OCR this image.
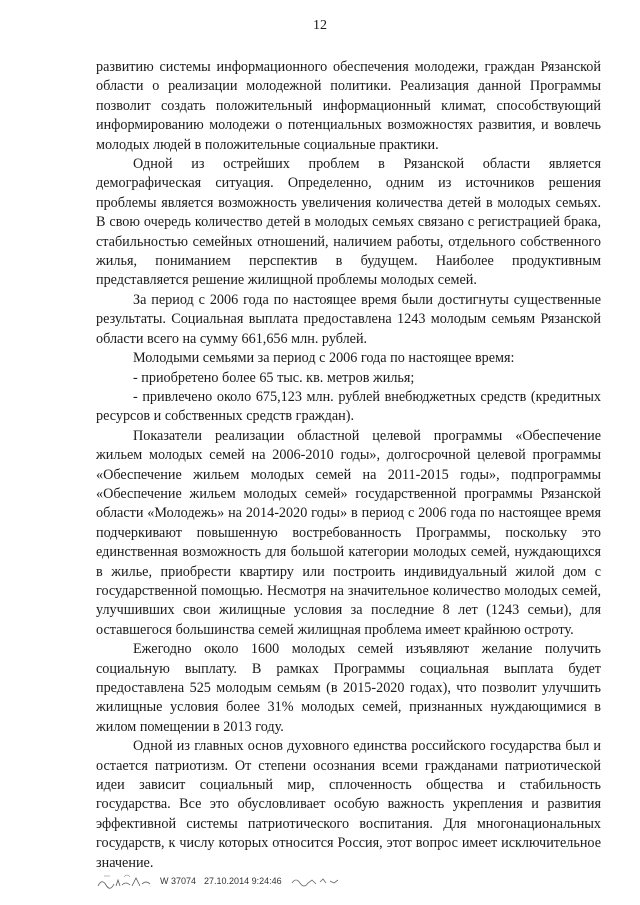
12

развитию системы информационного обеспечения молодежи, граждан Рязанской области о реализации молодежной политики. Реализация данной Программы позволит создать положительный информационный климат, способствующий информированию молодежи о потенциальных возможностях развития, и вовлечь молодых людей в положительные социальные практики.

Одной из острейших проблем в Рязанской области является демографическая ситуация. Определенно, одним из источников решения проблемы является возможность увеличения количества детей в молодых семьях. В свою очередь количество детей в молодых семьях связано с регистрацией брака, стабильностью семейных отношений, наличием работы, отдельного собственного жилья, пониманием перспектив в будущем. Наиболее продуктивным представляется решение жилищной проблемы молодых семей.

За период с 2006 года по настоящее время были достигнуты существенные результаты. Социальная выплата предоставлена 1243 молодым семьям Рязанской области всего на сумму 661,656 млн. рублей.

Молодыми семьями за период с 2006 года по настоящее время:

- приобретено более 65 тыс. кв. метров жилья;

- привлечено около 675,123 млн. рублей внебюджетных средств (кредитных ресурсов и собственных средств граждан).

Показатели реализации областной целевой программы «Обеспечение жильем молодых семей на 2006-2010 годы», долгосрочной целевой программы «Обеспечение жильем молодых семей на 2011-2015 годы», подпрограммы «Обеспечение жильем молодых семей» государственной программы Рязанской области «Молодежь» на 2014-2020 годы» в период с 2006 года по настоящее время подчеркивают повышенную востребованность Программы, поскольку это единственная возможность для большой категории молодых семей, нуждающихся в жилье, приобрести квартиру или построить индивидуальный жилой дом с государственной помощью. Несмотря на значительное количество молодых семей, улучшивших свои жилищные условия за последние 8 лет (1243 семьи), для оставшегося большинства семей жилищная проблема имеет крайнюю остроту.

Ежегодно около 1600 молодых семей изъявляют желание получить социальную выплату. В рамках Программы социальная выплата будет предоставлена 525 молодым семьям (в 2015-2020 годах), что позволит улучшить жилищные условия более 31% молодых семей, признанных нуждающимися в жилом помещении в 2013 году.

Одной из главных основ духовного единства российского государства был и остается патриотизм. От степени осознания всеми гражданами патриотической идеи зависит социальный мир, сплоченность общества и стабильность государства. Все это обусловливает особую важность укрепления и развития эффективной системы патриотического воспитания. Для многонациональных государств, к числу которых относится Россия, этот вопрос имеет исключительное значение.

W 37074 27.10.2014 9:24:46
